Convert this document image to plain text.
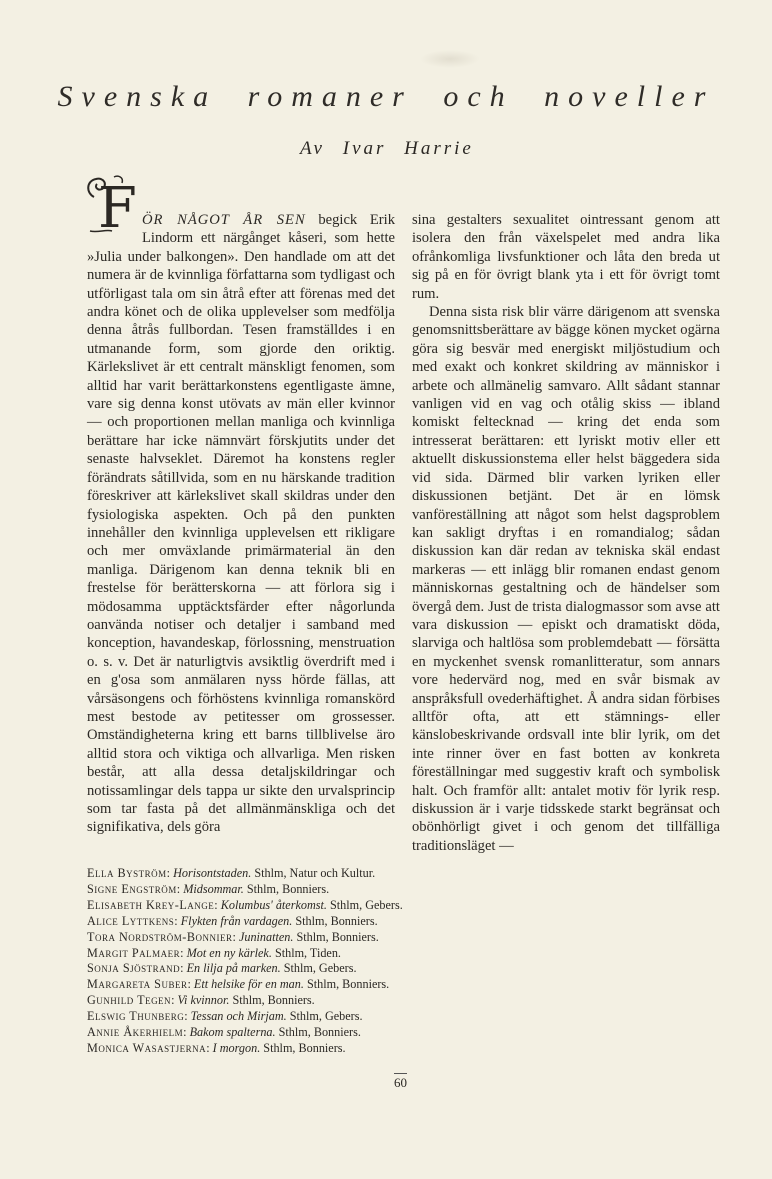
Svenska romaner och noveller
Av Ivar Harrie

F ÖR NÅGOT ÅR SEN begick Erik Lindorm ett närgånget kåseri, som hette »Julia under balkongen». Den handlade om att det numera är de kvinnliga författarna som tydligast och utförligast tala om sin åtrå efter att förenas med det andra könet och de olika upplevelser som medfölja denna åtrås fullbordan. Tesen framställdes i en utmanande form, som gjorde den oriktig. Kärlekslivet är ett centralt mänskligt fenomen, som alltid har varit berättarkonstens egentligaste ämne, vare sig denna konst utövats av män eller kvinnor — och proportionen mellan manliga och kvinnliga berättare har icke nämnvärt förskjutits under det senaste halvseklet. Däremot ha konstens regler förändrats såtillvida, som en nu härskande tradition föreskriver att kärlekslivet skall skildras under den fysiologiska aspekten. Och på den punkten innehåller den kvinnliga upplevelsen ett rikligare och mer omväxlande primärmaterial än den manliga. Därigenom kan denna teknik bli en frestelse för berätterskorna — att förlora sig i mödosamma upptäcktsfärder efter någorlunda oanvända notiser och detaljer i samband med konception, havandeskap, förlossning, menstruation o. s. v. Det är naturligtvis avsiktlig överdrift med i en g'osa som anmälaren nyss hörde fällas, att vårsäsongens och förhöstens kvinnliga romanskörd mest bestode av petitesser om grossesser. Omständigheterna kring ett barns tillblivelse äro alltid stora och viktiga och allvarliga. Men risken består, att alla dessa detaljskildringar och notissamlingar dels tappa ur sikte den urvalsprincip som tar fasta på det allmänmänskliga och det signifikativa, dels göra

sina gestalters sexualitet ointressant genom att isolera den från växelspelet med andra lika ofrånkomliga livsfunktioner och låta den breda ut sig på en för övrigt blank yta i ett för övrigt tomt rum.

Denna sista risk blir värre därigenom att svenska genomsnittsberättare av bägge könen mycket ogärna göra sig besvär med energiskt miljöstudium och med exakt och konkret skildring av människor i arbete och allmänelig samvaro. Allt sådant stannar vanligen vid en vag och otålig skiss — ibland komiskt feltecknad — kring det enda som intresserat berättaren: ett lyriskt motiv eller ett aktuellt diskussionstema eller helst bäggedera sida vid sida. Därmed blir varken lyriken eller diskussionen betjänt. Det är en lömsk vanföreställning att något som helst dagsproblem kan sakligt dryftas i en romandialog; sådan diskussion kan där redan av tekniska skäl endast markeras — ett inlägg blir romanen endast genom människornas gestaltning och de händelser som övergå dem. Just de trista dialogmassor som avse att vara diskussion — episkt och dramatiskt döda, slarviga och haltlösa som problemdebatt — försätta en myckenhet svensk romanlitteratur, som annars vore hedervärd nog, med en svår bismak av anspråksfull ovederhäftighet. Å andra sidan förbises alltför ofta, att ett stämnings- eller känslobeskrivande ordsvall inte blir lyrik, om det inte rinner över en fast botten av konkreta föreställningar med suggestiv kraft och symbolisk halt. Och framför allt: antalet motiv för lyrik resp. diskussion är i varje tidsskede starkt begränsat och obönhörligt givet i och genom det tillfälliga traditionsläget —

Ella Byström: Horisontstaden. Sthlm, Natur och Kultur.
Signe Engström: Midsommar. Sthlm, Bonniers.
Elisabeth Krey-Lange: Kolumbus' återkomst. Sthlm, Gebers.
Alice Lyttkens: Flykten från vardagen. Sthlm, Bonniers.
Tora Nordström-Bonnier: Juninatten. Sthlm, Bonniers.
Margit Palmaer: Mot en ny kärlek. Sthlm, Tiden.
Sonja Sjöstrand: En lilja på marken. Sthlm, Gebers.
Margareta Suber: Ett helsike för en man. Sthlm, Bonniers.
Gunhild Tegen: Vi kvinnor. Sthlm, Bonniers.
Elswig Thunberg: Tessan och Mirjam. Sthlm, Gebers.
Annie Åkerhielm: Bakom spalterna. Sthlm, Bonniers.
Monica Wasastjerna: I morgon. Sthlm, Bonniers.
60
